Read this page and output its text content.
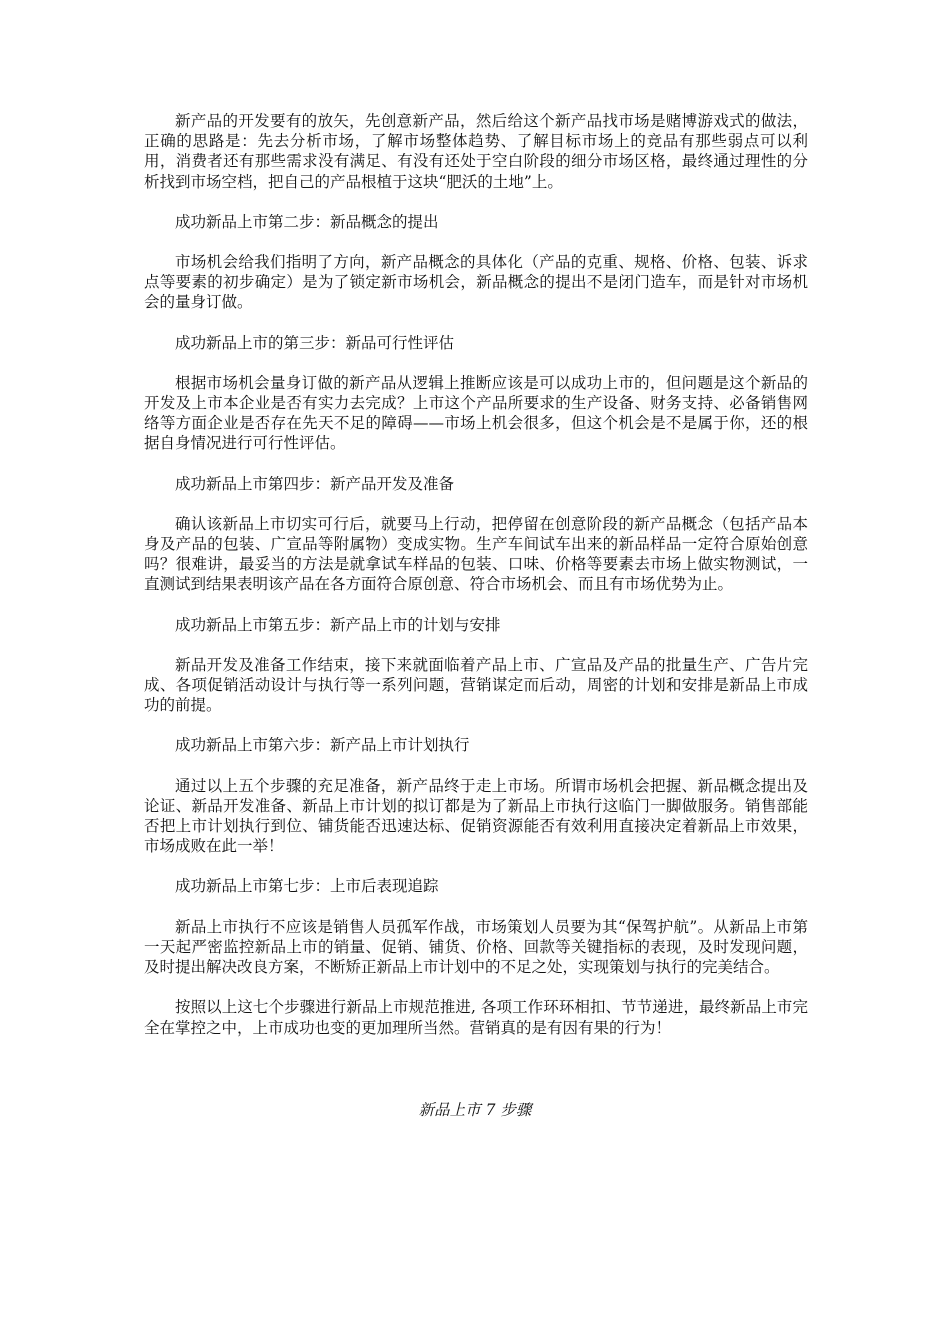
新产品的开发要有的放矢，先创意新产品，然后给这个新产品找市场是赌博游戏式的做法，正确的思路是：先去分析市场，了解市场整体趋势、了解目标市场上的竞品有那些弱点可以利用，消费者还有那些需求没有满足、有没有还处于空白阶段的细分市场区格，最终通过理性的分析找到市场空档，把自己的产品根植于这块“肥沃的土地”上。

成功新品上市第二步：新品概念的提出

市场机会给我们指明了方向，新产品概念的具体化（产品的克重、规格、价格、包装、诉求点等要素的初步确定）是为了锁定新市场机会，新品概念的提出不是闭门造车，而是针对市场机会的量身订做。

成功新品上市的第三步：新品可行性评估

根据市场机会量身订做的新产品从逻辑上推断应该是可以成功上市的，但问题是这个新品的开发及上市本企业是否有实力去完成？上市这个产品所要求的生产设备、财务支持、必备销售网络等方面企业是否存在先天不足的障碍——市场上机会很多，但这个机会是不是属于你，还的根据自身情况进行可行性评估。

成功新品上市第四步：新产品开发及准备

确认该新品上市切实可行后，就要马上行动，把停留在创意阶段的新产品概念（包括产品本身及产品的包装、广宣品等附属物）变成实物。生产车间试车出来的新品样品一定符合原始创意吗？很难讲，最妥当的方法是就拿试车样品的包装、口味、价格等要素去市场上做实物测试，一直测试到结果表明该产品在各方面符合原创意、符合市场机会、而且有市场优势为止。

成功新品上市第五步：新产品上市的计划与安排

新品开发及准备工作结束，接下来就面临着产品上市、广宣品及产品的批量生产、广告片完成、各项促销活动设计与执行等一系列问题，营销谋定而后动，周密的计划和安排是新品上市成功的前提。

成功新品上市第六步：新产品上市计划执行

通过以上五个步骤的充足准备，新产品终于走上市场。所谓市场机会把握、新品概念提出及论证、新品开发准备、新品上市计划的拟订都是为了新品上市执行这临门一脚做服务。销售部能否把上市计划执行到位、铺货能否迅速达标、促销资源能否有效利用直接决定着新品上市效果，市场成败在此一举！

成功新品上市第七步：上市后表现追踪

新品上市执行不应该是销售人员孤军作战，市场策划人员要为其“保驾护航”。从新品上市第一天起严密监控新品上市的销量、促销、铺货、价格、回款等关键指标的表现，及时发现问题，及时提出解决改良方案，不断矫正新品上市计划中的不足之处，实现策划与执行的完美结合。

按照以上这七个步骤进行新品上市规范推进, 各项工作环环相扣、节节递进，最终新品上市完全在掌控之中，上市成功也变的更加理所当然。营销真的是有因有果的行为！

新品上市 7 步骤
